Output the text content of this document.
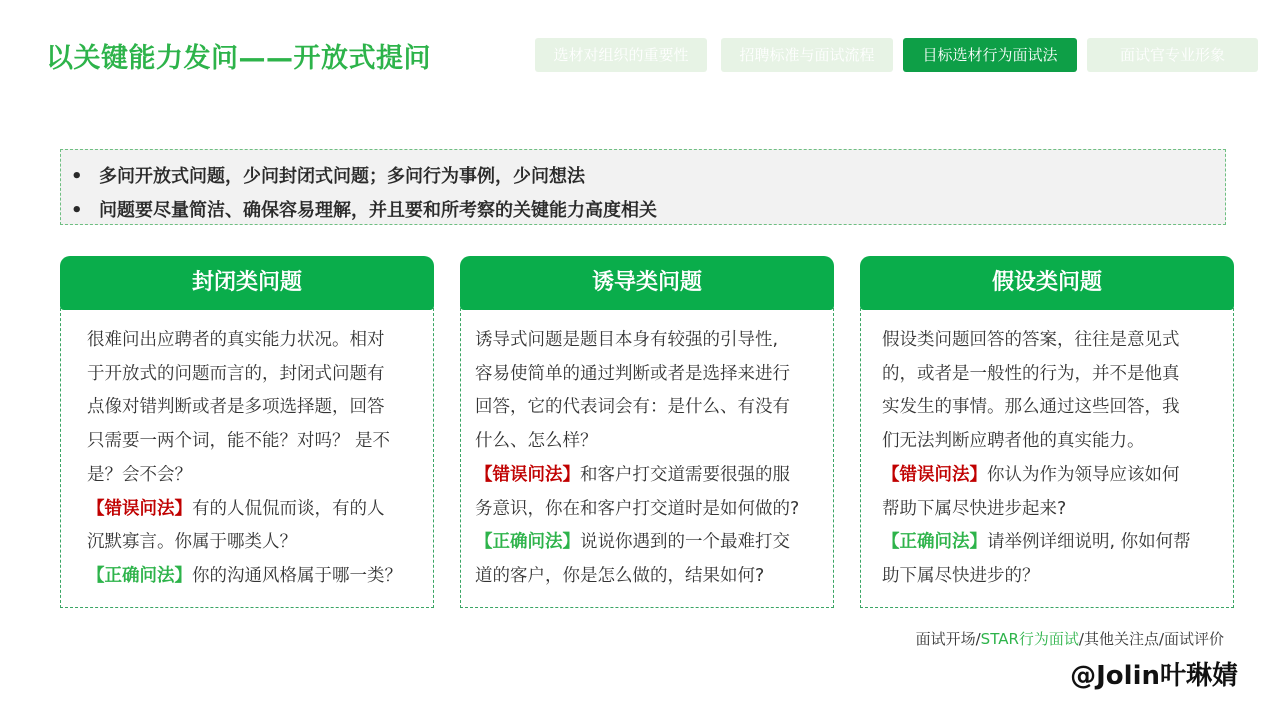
以关键能力发问——开放式提问	选材对组织的重要性	招聘标准与面试流程	目标选材行为面试法	面试官专业形象
• 多问开放式问题，少问封闭式问题；多问行为事例，少问想法
• 问题要尽量简洁、确保容易理解，并且要和所考察的关键能力高度相关
封闭类问题
很难问出应聘者的真实能力状况。相对
于开放式的问题而言的，封闭式问题有
点像对错判断或者是多项选择题，回答
只需要一两个词，能不能？对吗？ 是不
是？会不会？
【错误问法】有的人侃侃而谈，有的人
沉默寡言。你属于哪类人？
【正确问法】你的沟通风格属于哪一类？
诱导类问题
诱导式问题是题目本身有较强的引导性,
容易使简单的通过判断或者是选择来进行
回答，它的代表词会有：是什么、有没有
什么、怎么样？
【错误问法】和客户打交道需要很强的服
务意识，你在和客户打交道时是如何做的?
【正确问法】说说你遇到的一个最难打交
道的客户，你是怎么做的，结果如何?
假设类问题
假设类问题回答的答案，往往是意见式
的，或者是一般性的行为，并不是他真
实发生的事情。那么通过这些回答，我
们无法判断应聘者他的真实能力。
【错误问法】你认为作为领导应该如何
帮助下属尽快进步起来?
【正确问法】请举例详细说明, 你如何帮
助下属尽快进步的？
面试开场/STAR行为面试/其他关注点/面试评价
@Jolin叶琳婧
